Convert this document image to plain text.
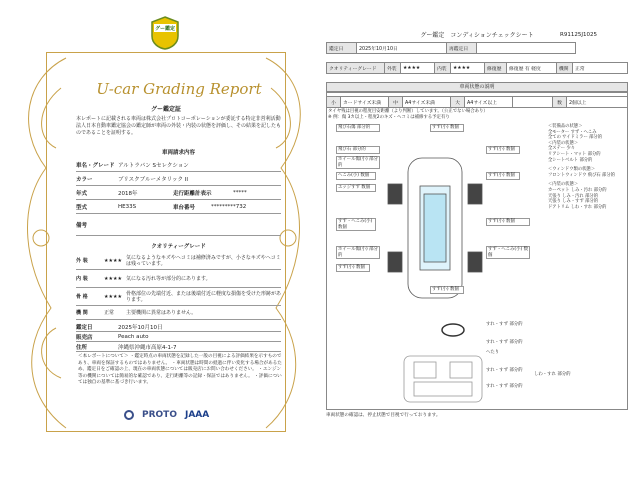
グー鑑定
U-car Grading Report
グー鑑定証
本レポートに記載される車両は株式会社プロトコーポレーションが委託する特定非営利活動法人日本自動車鑑定協会の鑑定師が車両の外装・内装の状態を評価し、その結果を記したものであることを証明する。
車両請求内容
車名・グレード アルトラパン Sセレクション
カラー	ブリスクブルーメタリック II
年式	2018年	走行距離計表示	*****
型式	HE33S	車台番号	*********732
備考
クオリティーグレード
外 装	★★★★ 気になるようなキズやヘコミは補修済みですが、小さなキズやヘコミは残っています。
内 装	★★★★ 気になる汚れ等が部分的にあります。
骨 格	★★★★ 骨格部位の先端付近、または後端付近に軽度な損傷を受けた形跡があります。
機 関	正常	主要機関に異常はありません。
鑑定日	2025年10月10日
販売店	Peach auto
住所	沖縄県沖縄市高原4-1-7
＜本レポートについて＞ ・鑑定時点の車両状態を記録した一般の目視による評価結果を示すものであり、車両を保証するものではありません。 ・車両状態は時間の経過に伴い変化する場合があるため、鑑定日をご確認の上、現在の車両状態については販売店にお問い合わせください。 ・エンジン等の機関については簡易的な確認であり、走行距離等の記録・保証ではありません。 ・評価については独自の基準に基づき行います。
PROTO JAAA
グー鑑定　コンディションチェックシート	R91125J1025
鑑定日	2025年10月10日	再鑑定日	
クオリティーグレード	外装	★★★★	内装	★★★★	修復歴	修復歴 有 軽度	機関	正常
車両状態の説明
小	カードサイズ未満	中	A4サイズ未満	大	A4サイズ以上		数	2個以上
タイヤ残は目視の程度目安距離（より判断）しています。（公正でない場合あり）
※ 例：傷 3カ以上・程度2のキズ・ヘコミは補修する予定有り
飛び石傷 部分的	すず(小) 数個
飛び石 部分的	すず(小) 数個
ホイール傷(小) 部分的
へこみ(小) 数個
エッジすず 数個
すず(小) 数個
すず・へこみ(小) 数個
すず(小) 数個
すず・へこみ(小) 数個
ホイール傷(小) 部分的
すず(小) 数個
すず(小) 数個
すれ・すず 部分的
すれ・すず 部分的
すれ・すず 部分的
すれ・すず 部分的
へたり
しわ・すれ 部分的
＜装備品の状態＞
全モーター すず・へこみ
全ての サイドミラー 部分的
＜内装の状態＞
全ステー 少々
リアシート・マット 部分的
全シートベルト 部分的
＜ウィンドウ類の状態＞
フロントウィンドウ 飛び石 部分的
＜内装の状態＞
カーペット しみ・汚れ 部分的
天張り しみ・汚れ 部分的
天張り しみ・すず 部分的
ドアトリム しわ・すれ 部分的
車両状態の確認は、停止状態で目視で行っております。
